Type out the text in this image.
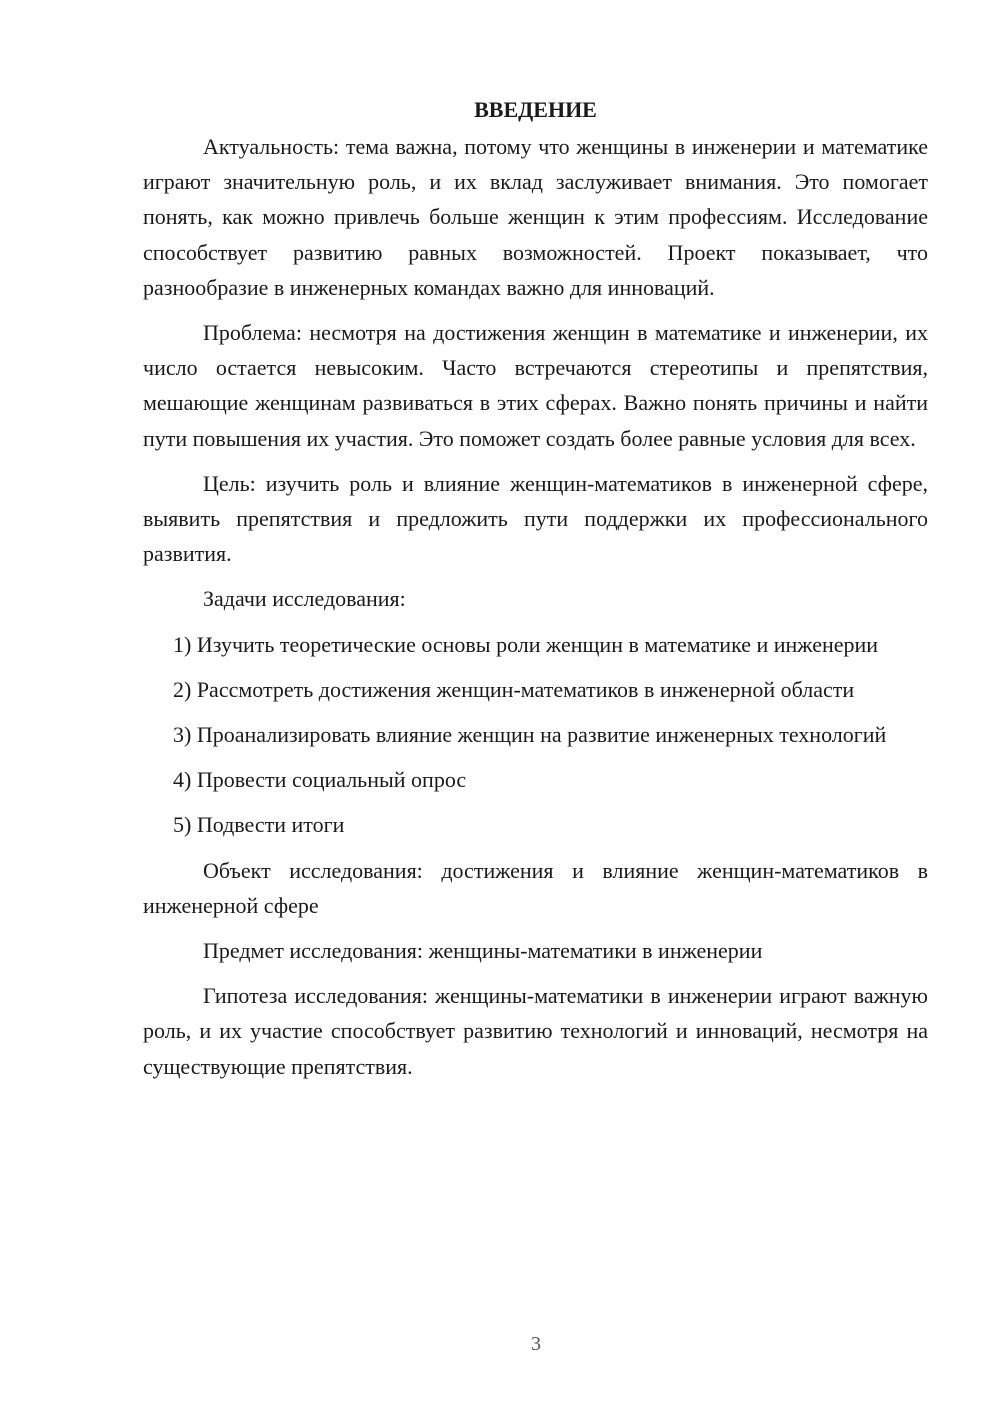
ВВЕДЕНИЕ

Актуальность: тема важна, потому что женщины в инженерии и математике играют значительную роль, и их вклад заслуживает внимания. Это помогает понять, как можно привлечь больше женщин к этим профессиям. Исследование способствует развитию равных возможностей. Проект показывает, что разнообразие в инженерных командах важно для инноваций.

Проблема: несмотря на достижения женщин в математике и инженерии, их число остается невысоким. Часто встречаются стереотипы и препятствия, мешающие женщинам развиваться в этих сферах. Важно понять причины и найти пути повышения их участия. Это поможет создать более равные условия для всех.

Цель: изучить роль и влияние женщин-математиков в инженерной сфере, выявить препятствия и предложить пути поддержки их профессионального развития.

Задачи исследования:

1) Изучить теоретические основы роли женщин в математике и инженерии

2) Рассмотреть достижения женщин-математиков в инженерной области

3) Проанализировать влияние женщин на развитие инженерных технологий

4) Провести социальный опрос

5) Подвести итоги

Объект исследования: достижения и влияние женщин-математиков в инженерной сфере

Предмет исследования: женщины-математики в инженерии

Гипотеза исследования: женщины-математики в инженерии играют важную роль, и их участие способствует развитию технологий и инноваций, несмотря на существующие препятствия.

3
